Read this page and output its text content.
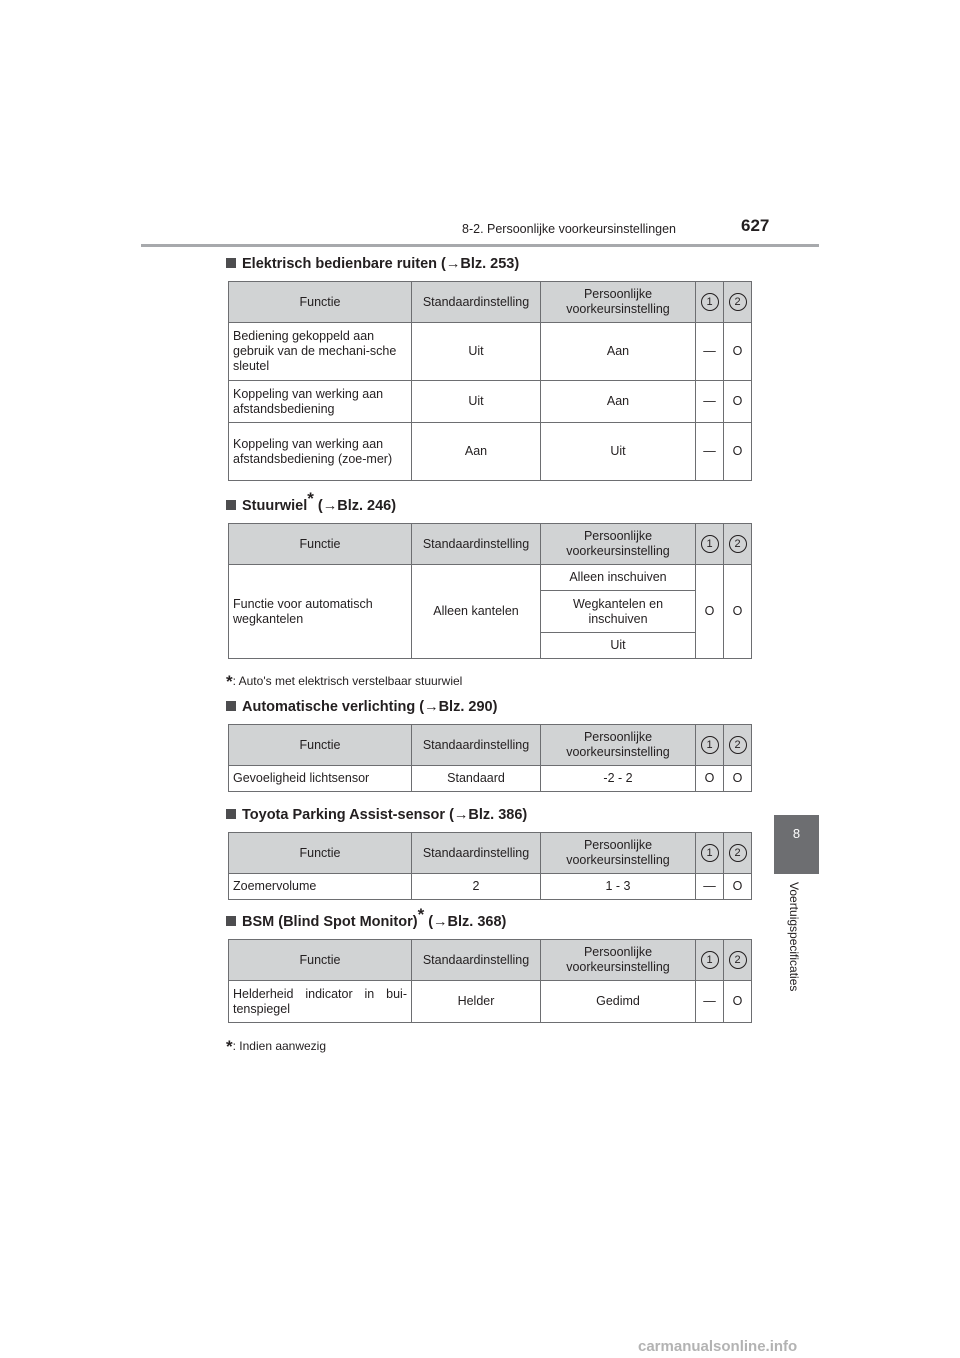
8-2. Persoonlijke voorkeursinstellingen	627
8
Voertuigspecificaties
Elektrisch bedienbare ruiten (→Blz. 253)
Functie	Standaardinstelling	Persoonlijke voorkeursinstelling	1	2
Bediening gekoppeld aan gebruik van de mechani-sche sleutel	Uit	Aan	—	O
Koppeling van werking aan afstandsbediening	Uit	Aan	—	O
Koppeling van werking aan afstandsbediening (zoe-mer)	Aan	Uit	—	O
Stuurwiel* (→Blz. 246)
Functie	Standaardinstelling	Persoonlijke voorkeursinstelling	1	2
Functie voor automatisch wegkantelen	Alleen kantelen	Alleen inschuiven	O	O
		Wegkantelen en inschuiven		
		Uit		
*: Auto's met elektrisch verstelbaar stuurwiel
Automatische verlichting (→Blz. 290)
Functie	Standaardinstelling	Persoonlijke voorkeursinstelling	1	2
Gevoeligheid lichtsensor	Standaard	-2 - 2	O	O
Toyota Parking Assist-sensor (→Blz. 386)
Functie	Standaardinstelling	Persoonlijke voorkeursinstelling	1	2
Zoemervolume	2	1 - 3	—	O
BSM (Blind Spot Monitor)* (→Blz. 368)
Functie	Standaardinstelling	Persoonlijke voorkeursinstelling	1	2
Helderheid indicator in bui-tenspiegel	Helder	Gedimd	—	O
*: Indien aanwezig
carmanualsonline.info
